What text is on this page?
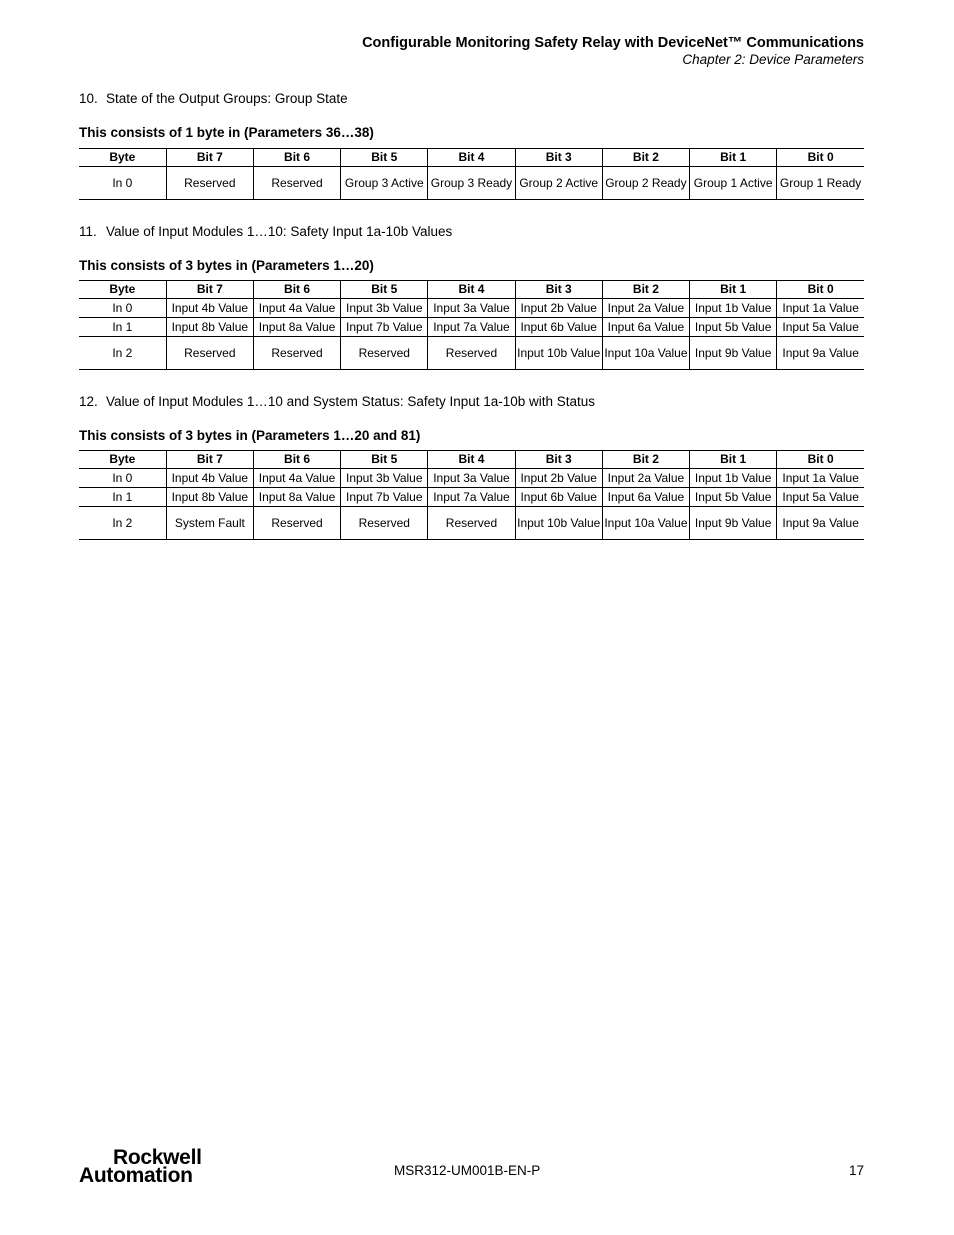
Configurable Monitoring Safety Relay with DeviceNet™ Communications
Chapter 2: Device Parameters
10. State of the Output Groups: Group State
This consists of 1 byte in (Parameters 36…38)
Byte	Bit 7	Bit 6	Bit 5	Bit 4	Bit 3	Bit 2	Bit 1	Bit 0
In 0	Reserved	Reserved	Group 3 Active	Group 3 Ready	Group 2 Active	Group 2 Ready	Group 1 Active	Group 1 Ready
11. Value of Input Modules 1…10: Safety Input 1a-10b Values
This consists of 3 bytes in (Parameters 1…20)
Byte	Bit 7	Bit 6	Bit 5	Bit 4	Bit 3	Bit 2	Bit 1	Bit 0
In 0	Input 4b Value	Input 4a Value	Input 3b Value	Input 3a Value	Input 2b Value	Input 2a Value	Input 1b Value	Input 1a Value
In 1	Input 8b Value	Input 8a Value	Input 7b Value	Input 7a Value	Input 6b Value	Input 6a Value	Input 5b Value	Input 5a Value
In 2	Reserved	Reserved	Reserved	Reserved	Input 10b Value	Input 10a Value	Input 9b Value	Input 9a Value
12. Value of Input Modules 1…10 and System Status: Safety Input 1a-10b with Status
This consists of 3 bytes in (Parameters 1…20 and 81)
Byte	Bit 7	Bit 6	Bit 5	Bit 4	Bit 3	Bit 2	Bit 1	Bit 0
In 0	Input 4b Value	Input 4a Value	Input 3b Value	Input 3a Value	Input 2b Value	Input 2a Value	Input 1b Value	Input 1a Value
In 1	Input 8b Value	Input 8a Value	Input 7b Value	Input 7a Value	Input 6b Value	Input 6a Value	Input 5b Value	Input 5a Value
In 2	System Fault	Reserved	Reserved	Reserved	Input 10b Value	Input 10a Value	Input 9b Value	Input 9a Value
Rockwell
Automation	MSR312-UM001B-EN-P	17
